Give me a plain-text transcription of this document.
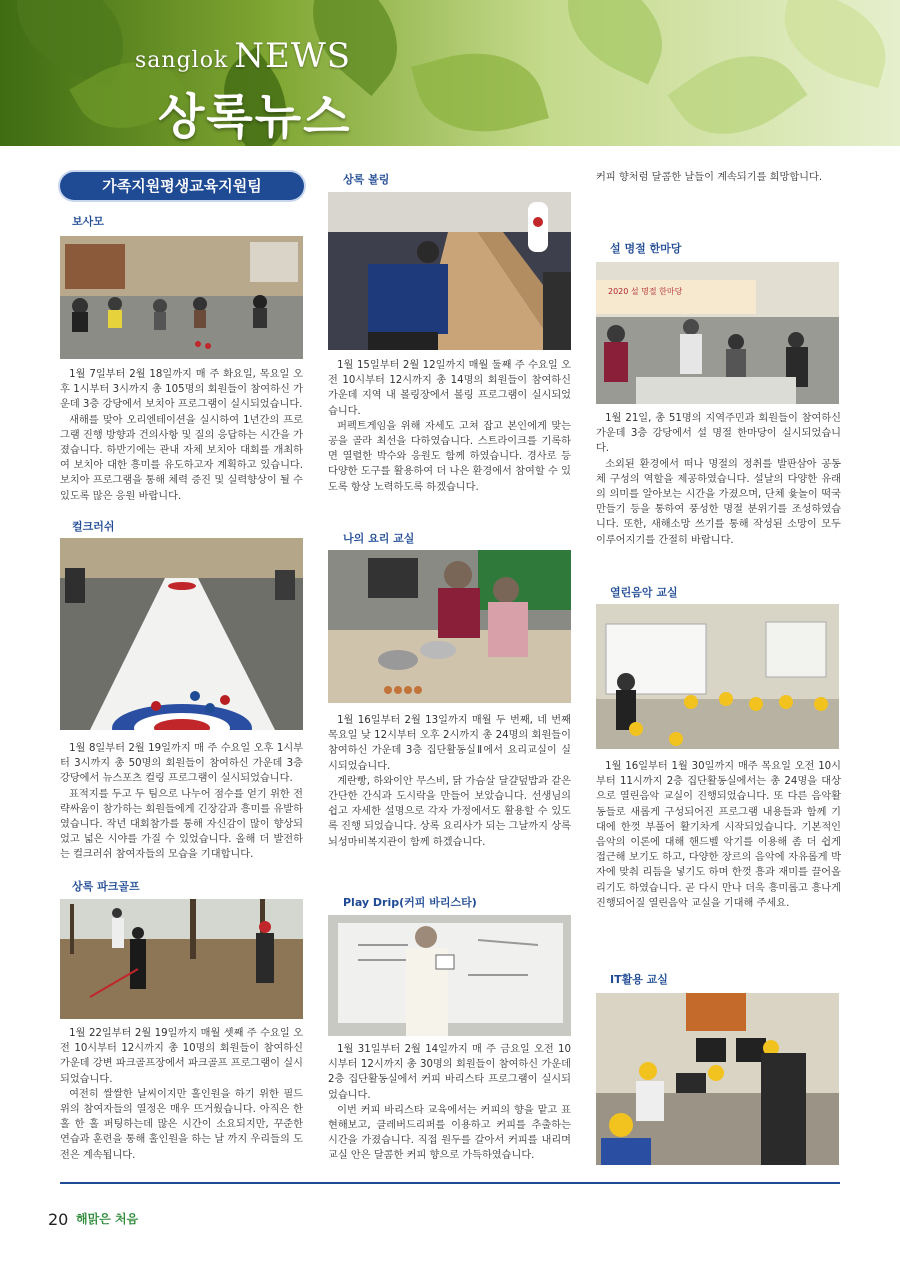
sanglok NEWS
상록뉴스
가족지원평생교육지원팀
보사모

1월 7일부터 2월 18일까지 매 주 화요일, 목요일 오후 1시부터 3시까지 총 105명의 회원들이 참여하신 가운데 3층 강당에서 보치아 프로그램이 실시되었습니다.

새해를 맞아 오리엔테이션을 실시하여 1년간의 프로그램 진행 방향과 건의사항 및 질의 응답하는 시간을 가졌습니다. 하반기에는 관내 자체 보치아 대회를 개최하여 보치아 대한 흥미를 유도하고자 계획하고 있습니다. 보치아 프로그램을 통해 체력 증진 및 실력향상이 될 수 있도록 많은 응원 바랍니다.

컬크러쉬

1월 8일부터 2월 19일까지 매 주 수요일 오후 1시부터 3시까지 총 50명의 회원들이 참여하신 가운데 3층 강당에서 뉴스포츠 컬링 프로그램이 실시되었습니다.

표적지를 두고 두 팀으로 나누어 점수를 얻기 위한 전략싸움이 참가하는 회원들에게 긴장감과 흥미를 유발하였습니다. 작년 대회참가를 통해 자신감이 많이 향상되었고 넓은 시야를 가질 수 있었습니다. 올해 더 발전하는 컬크러쉬 참여자들의 모습을 기대합니다.

상록 파크골프

1월 22일부터 2월 19일까지 매월 셋째 주 수요일 오전 10시부터 12시까지 총 10명의 회원들이 참여하신 가운데 강변 파크골프장에서 파크골프 프로그램이 실시되었습니다.

여전히 쌀쌀한 날씨이지만 홀인원을 하기 위한 필드위의 참여자들의 열정은 매우 뜨거웠습니다. 아직은 한 홀 한 홀 퍼팅하는데 많은 시간이 소요되지만, 꾸준한 연습과 훈련을 통해 홀인원을 하는 날 까지 우리들의 도전은 계속됩니다.

상록 볼링

1월 15일부터 2월 12일까지 매월 둘째 주 수요일 오전 10시부터 12시까지 총 14명의 회원들이 참여하신 가운데 지역 내 볼링장에서 볼링 프로그램이 실시되었습니다.

퍼펙트게임을 위해 자세도 고쳐 잡고 본인에게 맞는 공을 골라 최선을 다하였습니다. 스트라이크를 기록하면 열렬한 박수와 응원도 함께 하였습니다. 경사로 등 다양한 도구를 활용하여 더 나은 환경에서 참여할 수 있도록 항상 노력하도록 하겠습니다.

나의 요리 교실

1월 16일부터 2월 13일까지 매월 두 번째, 네 번째 목요일 낮 12시부터 오후 2시까지 총 24명의 회원들이 참여하신 가운데 3층 집단활동실Ⅱ에서 요리교실이 실시되었습니다.

계란빵, 하와이안 무스비, 닭 가슴살 달걀덮밥과 같은 간단한 간식과 도시락을 만들어 보았습니다. 선생님의 쉽고 자세한 설명으로 각자 가정에서도 활용할 수 있도록 진행 되었습니다. 상록 요리사가 되는 그날까지 상록뇌성마비복지관이 함께 하겠습니다.

Play Drip(커피 바리스타)

1월 31일부터 2월 14일까지 매 주 금요일 오전 10시부터 12시까지 총 30명의 회원들이 참여하신 가운데 2층 집단활동실에서 커피 바리스타 프로그램이 실시되었습니다.

이번 커피 바리스타 교육에서는 커피의 향을 맡고 표현해보고, 클레버드리퍼를 이용하고 커피를 추출하는 시간을 가졌습니다. 직접 원두를 갈아서 커피를 내리며 교실 안은 달콤한 커피 향으로 가득하였습니다.

커피 향처럼 달콤한 날들이 계속되기를 희망합니다.

설 명절 한마당
2020 설 명절 한마당

1월 21일, 총 51명의 지역주민과 회원들이 참여하신 가운데 3층 강당에서 설 명절 한마당이 실시되었습니다.

소외된 환경에서 떠나 명절의 정취를 발판삼아 공동체 구성의 역할을 제공하였습니다. 설날의 다양한 유래의 의미를 알아보는 시간을 가졌으며, 단체 윷놀이 떡국 만들기 등을 통하여 풍성한 명절 분위기를 조성하였습니다. 또한, 새해소망 쓰기를 통해 작성된 소망이 모두 이루어지기를 간절히 바랍니다.

열린음악 교실

1월 16일부터 1월 30일까지 매주 목요일 오전 10시부터 11시까지 2층 집단활동실에서는 총 24명을 대상으로 열린음악 교실이 진행되었습니다. 또 다른 음악활동들로 새롭게 구성되어진 프로그램 내용들과 함께 기대에 한껏 부풀어 활기차게 시작되었습니다. 기본적인 음악의 이론에 대해 핸드벨 악기를 이용해 좀 더 쉽게 접근해 보기도 하고, 다양한 장르의 음악에 자유롭게 박자에 맞춰 리듬을 넣기도 하며 한껏 흥과 재미를 끌어올리기도 하였습니다. 곧 다시 만나 더욱 흥미롭고 흥나게 진행되어질 열린음악 교실을 기대해 주세요.

IT활용 교실
20 해맑은 처음
